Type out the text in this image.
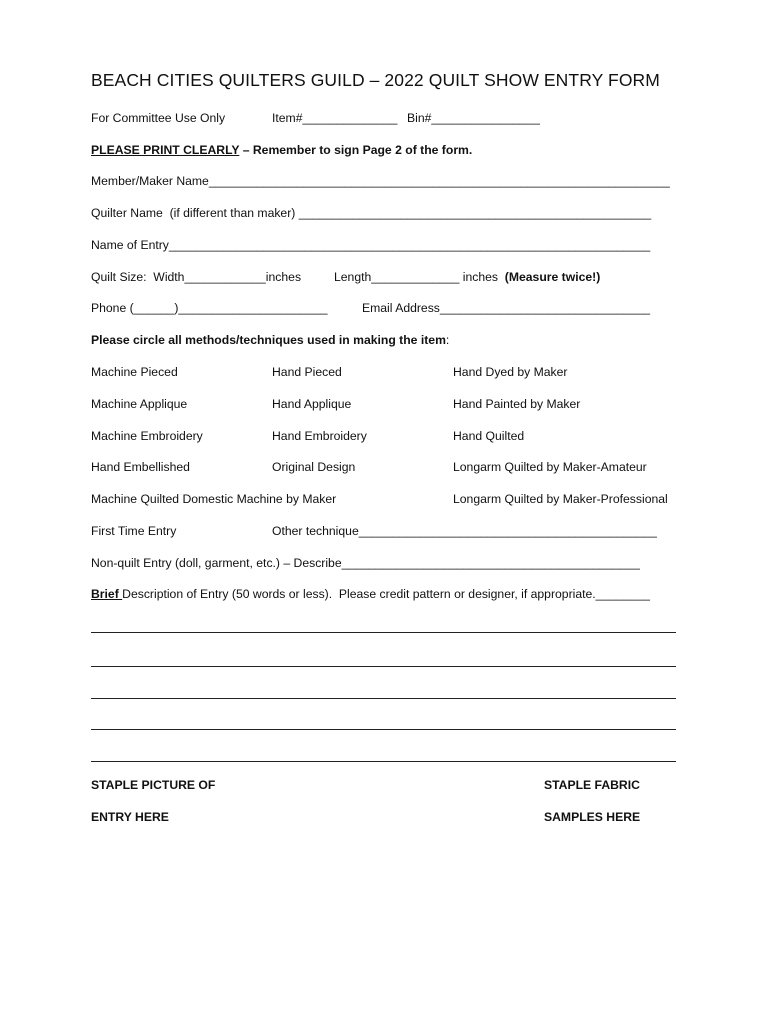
BEACH CITIES QUILTERS GUILD – 2022 QUILT SHOW ENTRY FORM
For Committee Use Only	Item#______________ Bin#________________
PLEASE PRINT CLEARLY – Remember to sign Page 2 of the form.
Member/Maker Name____________________________________________________________________
Quilter Name  (if different than maker) ____________________________________________________
Name of Entry_______________________________________________________________________
Quilt Size:  Width____________inches	Length_____________ inches  (Measure twice!)
Phone (______)______________________	Email Address_______________________________
Please circle all methods/techniques used in making the item:
Machine Pieced	Hand Pieced	Hand Dyed by Maker
Machine Applique	Hand Applique	Hand Painted by Maker
Machine Embroidery	Hand Embroidery	Hand Quilted
Hand Embellished	Original Design	Longarm Quilted by Maker-Amateur
Machine Quilted Domestic Machine by Maker	Longarm Quilted by Maker-Professional
First Time Entry	Other technique____________________________________________
Non-quilt Entry (doll, garment, etc.) – Describe____________________________________________
Brief Description of Entry (50 words or less).  Please credit pattern or designer, if appropriate.________
STAPLE PICTURE OF
ENTRY HERE
STAPLE FABRIC
SAMPLES HERE
